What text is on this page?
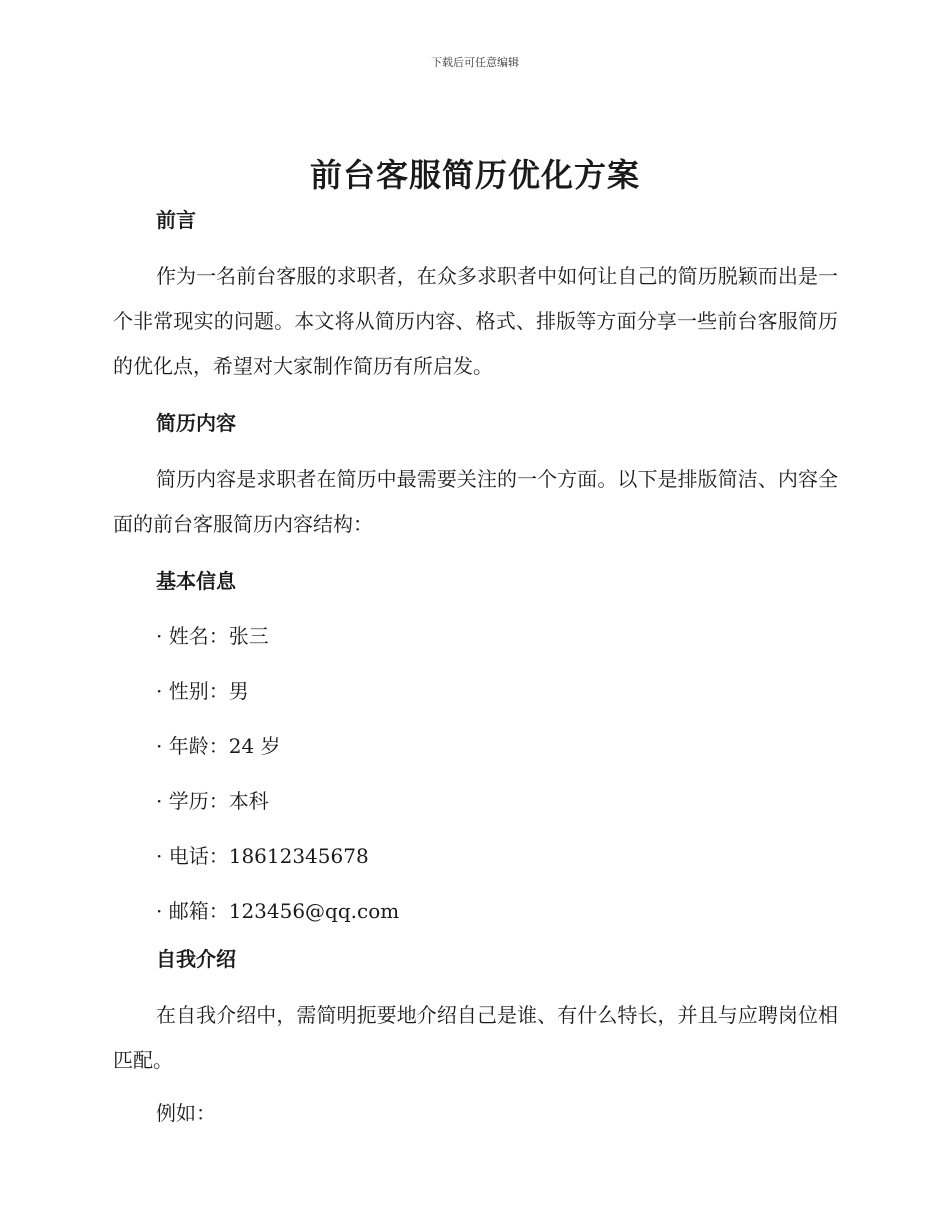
下载后可任意编辑
前台客服简历优化方案
前言

作为一名前台客服的求职者，在众多求职者中如何让自己的简历脱颖而出是一个非常现实的问题。本文将从简历内容、格式、排版等方面分享一些前台客服简历的优化点，希望对大家制作简历有所启发。

简历内容

简历内容是求职者在简历中最需要关注的一个方面。以下是排版简洁、内容全面的前台客服简历内容结构：

基本信息
· 姓名：张三
· 性别：男
· 年龄：24 岁
· 学历：本科
· 电话：18612345678
· 邮箱：123456@qq.com
自我介绍

在自我介绍中，需简明扼要地介绍自己是谁、有什么特长，并且与应聘岗位相匹配。

例如：
